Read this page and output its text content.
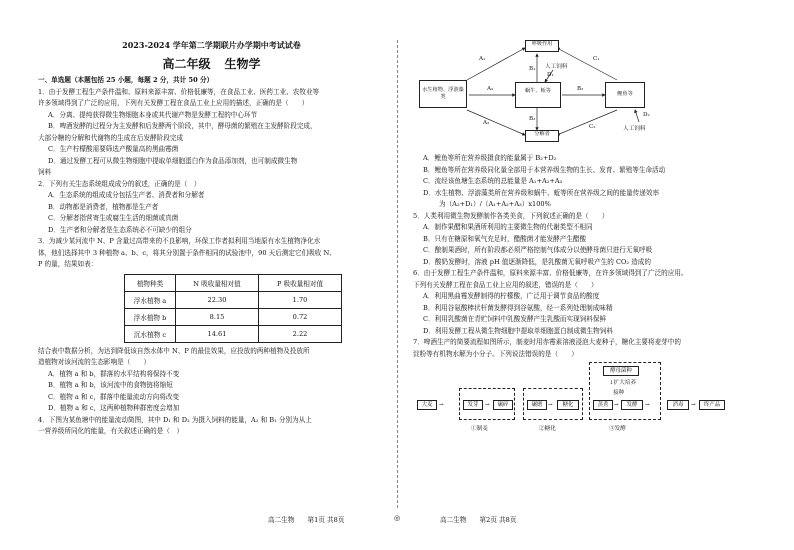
2023-2024 学年第二学期联片办学期中考试试卷
高二年级 生物学
一、单选题（本题包括 25 小题，每题 2 分，共计 50 分）
1．由于发酵工程生产条件温和、原料来源丰富、价格低廉等，在食品工业、医药工业、农牧业等
许多领域得到了广泛的应用，下列有关发酵工程在食品工业上应用的描述，正确的是（　　）
A．分离、提纯获得微生物细胞本身或其代谢产物是发酵工程的中心环节
B．啤酒发酵的过程分为主发酵和后发酵两个阶段，其中，酵母菌的繁殖在主发酵阶段完成，
大部分糖的分解和代谢物的生成在后发酵阶段完成
C．生产柠檬酸需要筛选产酸量高的黑曲霉菌
D．通过发酵工程可从微生物细胞中提取单细胞蛋白作为食品添加剂，也可制成微生物
饲料
2．下列有关生态系统组成成分的叙述，正确的是（　）
A．生态系统的组成成分包括生产者、消费者和分解者
B．动物都是消费者，植物都是生产者
C．分解者指营寄生或腐生生活的细菌或真菌
D．生产者和分解者是生态系统必不可缺少的组分
3．为减少某河流中 N、P 含量过高带来的不良影响，环保工作者拟利用当地原有水生植物净化水
体，他们选择其中 3 种植物 a、b、c，将其分别置于条件相同的试验池中，90 天后测定它们吸收 N、
P 的量，结果如表：
植物种类	N 吸收量相对值	P 吸收量相对值
浮水植物 a	22.30	1.70
浮水植物 b	8.15	0.72
沉水植物 c	14.61	2.22
结合表中数据分析，为达到降低该自然水体中 N、P 的最佳效果，应投放的两种植物及投放所
造植物对该河流的生态影响是（　　）
A．植物 a 和 b，群落的水平结构将保持不变
B．植物 a 和 b，该河流中的食物链将缩短
C．植物 a 和 c，群落中能量流动方向将改变
D．植物 a 和 c，这两种植物种群密度会增加
4．下图为某鱼塘中的能量流动简图，其中 D₁ 和 D₂ 为摄入饲料的能量，A₂ 和 B₁ 分别为从上
一营养级所同化的能量，有关叙述正确的是（　）
呼吸作用
水生植物、浮游藻类
蜗牛、蚯等	鲤鱼等
分解者
人工饲料
人工饲料
A₁
A₂
A₃
B₁
B₂
B₃
C₁
C₂
D₁
D₂
A．鲤鱼等所在营养级摄食的能量属于 B₂+D₂
B．鲤鱼等所在营养级同化量全部用于本营养级生物的生长、发育、繁殖等生命活动
C．流经该鱼塘生态系统的总能量是 A₁+A₂+A₃
D．水生植物、浮游藻类所在营养级和蜗牛、蚯等所在营养级之间的能量传递效率
为（A₂+D₁）/（A₁+A₂+A₃）x100%
5．人类利用微生物发酵制作各类美食，下列叙述正确的是（　　）
A．制作果醋和果酒所利用的主要微生物的代谢类型不相同
B．只有在糖原和氧气充足时，醋酸菌才能发酵产生醋酸
C．酿制果酒时，所有阶段都必须严格控制气体成分以使酵母菌只进行无氧呼吸
D．酸奶发酵时，溶液 pH 值逐渐降低，是乳酸菌无氧呼吸产生的 CO₂ 造成的
6．由于发酵工程生产条件温和，原料来源丰富、价格低廉等，在许多领域得到了广泛的应用。
下列有关发酵工程在食品工业上应用的叙述，错误的是（　　）
A．利用黑曲霉发酵制得的柠檬酸，广泛用于调节食品的酸度
B．利用谷氨酸棒状杆菌发酵得到谷氨酸，经一系列处理制成味精
C．利用乳酸菌在青贮饲料中乳酸发酵产生乳酸而实现饲料保鲜
D．利用发酵工程从微生物细胞中提取单细胞蛋白制成微生物饲料
7．啤酒生产的简要流程如图所示，制麦时用赤霉素溶液浸泡大麦种子，糖化主要将麦芽中的
淀粉等有机物水解为小分子。下列说法错误的是（　　）
酵母菌种
↓扩大培养
接种
大麦	→	发芽	→	碾碎	碾磨	→	糖化	蒸煮	→	发酵	→	消毒	→	终产品
①制麦	②糖化	③发酵
高二生物　　第1页 共8页	◎	高二生物　　第2页 共8页
